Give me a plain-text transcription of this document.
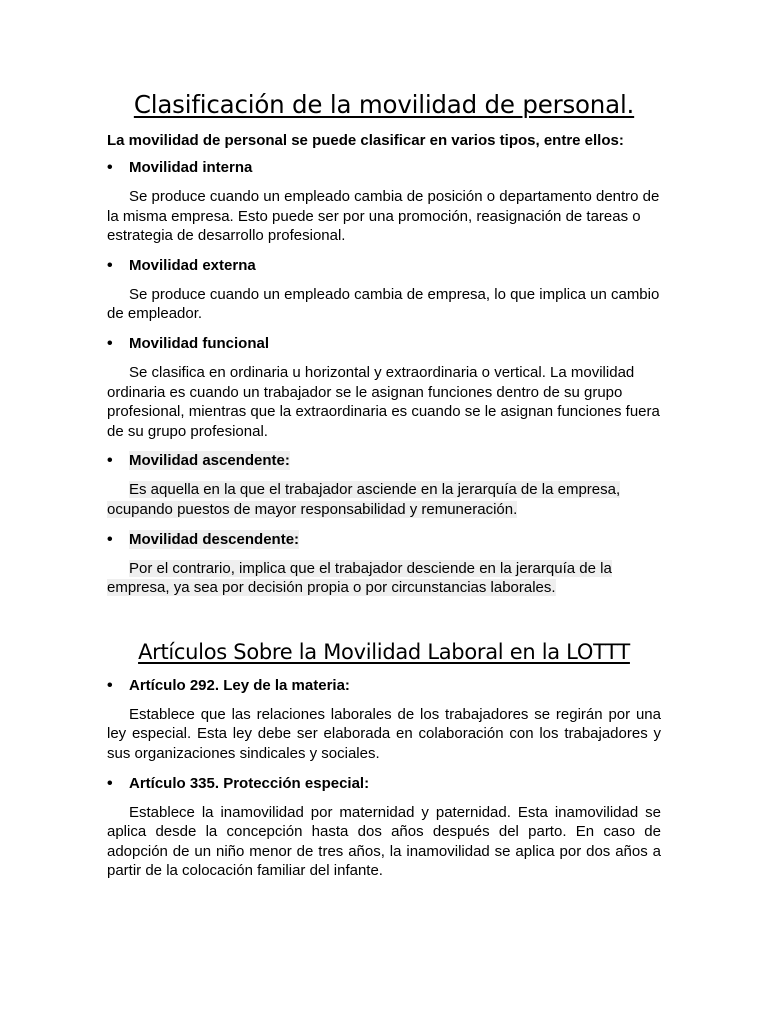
Clasificación de la movilidad de personal.

La movilidad de personal se puede clasificar en varios tipos, entre ellos:

•	Movilidad interna

Se produce cuando un empleado cambia de posición o departamento dentro de la misma empresa. Esto puede ser por una promoción, reasignación de tareas o estrategia de desarrollo profesional.

•	Movilidad externa

Se produce cuando un empleado cambia de empresa, lo que implica un cambio de empleador.

•	Movilidad funcional

Se clasifica en ordinaria u horizontal y extraordinaria o vertical. La movilidad ordinaria es cuando un trabajador se le asignan funciones dentro de su grupo profesional, mientras que la extraordinaria es cuando se le asignan funciones fuera de su grupo profesional.

•	Movilidad ascendente:

Es aquella en la que el trabajador asciende en la jerarquía de la empresa, ocupando puestos de mayor responsabilidad y remuneración.

•	Movilidad descendente:

Por el contrario, implica que el trabajador desciende en la jerarquía de la empresa, ya sea por decisión propia o por circunstancias laborales.

Artículos Sobre la Movilidad Laboral en la LOTTT
•	Artículo 292. Ley de la materia:

Establece que las relaciones laborales de los trabajadores se regirán por una ley especial. Esta ley debe ser elaborada en colaboración con los trabajadores y sus organizaciones sindicales y sociales.

•	Artículo 335. Protección especial:

Establece la inamovilidad por maternidad y paternidad. Esta inamovilidad se aplica desde la concepción hasta dos años después del parto. En caso de adopción de un niño menor de tres años, la inamovilidad se aplica por dos años a partir de la colocación familiar del infante.
